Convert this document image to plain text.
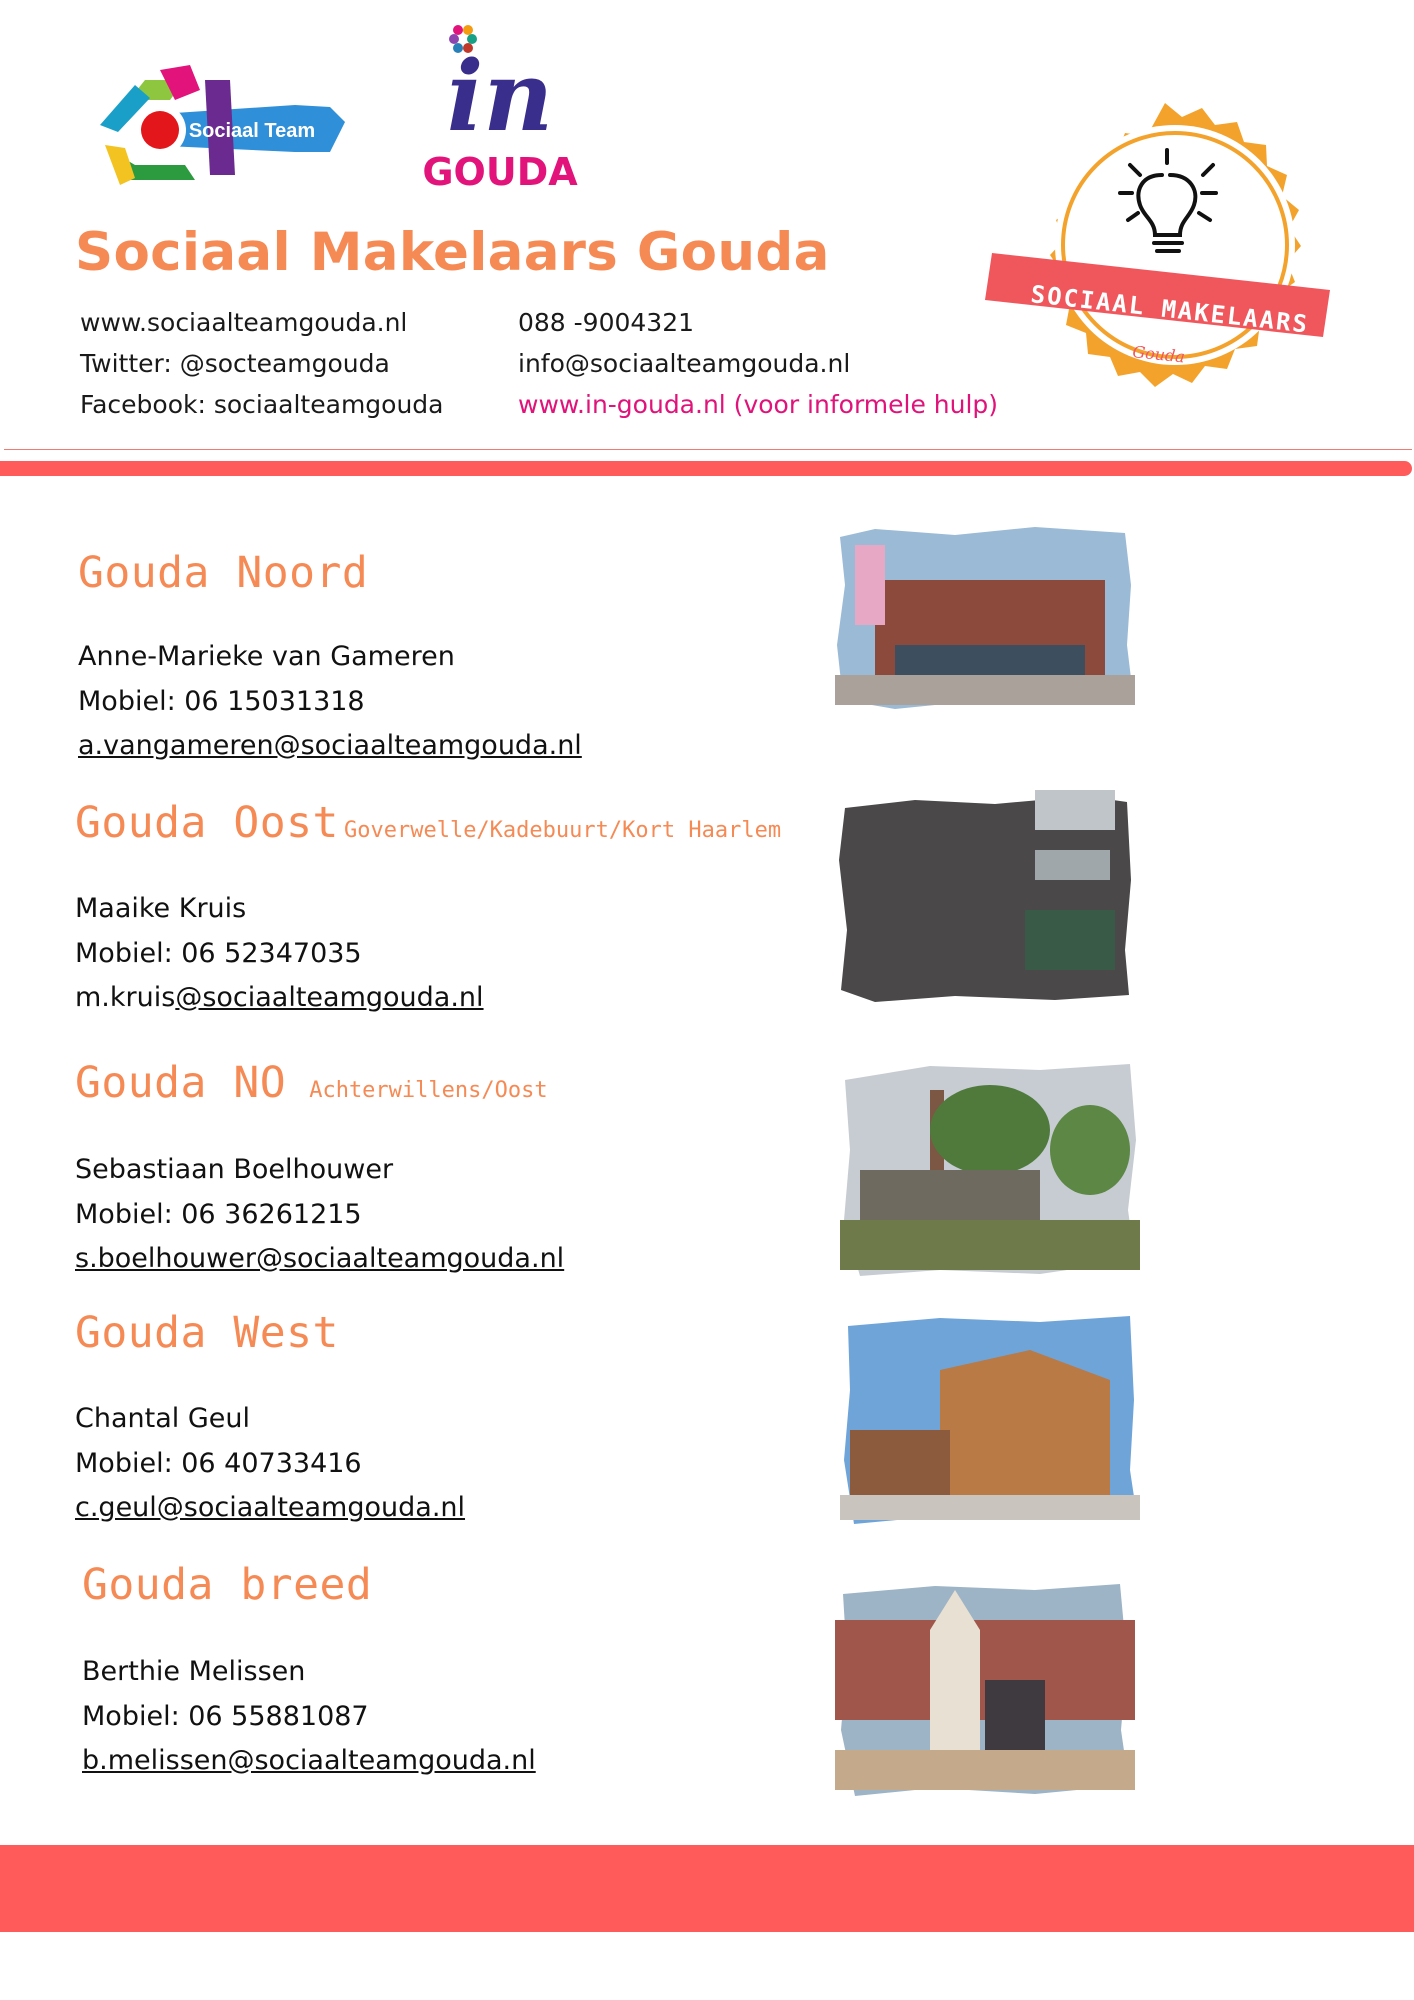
Sociaal Team in
GOUDA
SOCIAAL MAKELAARS
Gouda
Sociaal Makelaars Gouda
www.sociaalteamgouda.nl
Twitter: @socteamgouda
Facebook: sociaalteamgouda
088 -9004321
info@sociaalteamgouda.nl
www.in-gouda.nl (voor informele hulp)
Gouda Noord
Anne-Marieke van Gameren
Mobiel: 06 15031318
a.vangameren@sociaalteamgouda.nl
Gouda Oost Goverwelle/Kadebuurt/Kort Haarlem
Maaike Kruis
Mobiel: 06 52347035
m.kruis@sociaalteamgouda.nl
Gouda NO Achterwillens/Oost
Sebastiaan Boelhouwer
Mobiel: 06 36261215
s.boelhouwer@sociaalteamgouda.nl
Gouda West
Chantal Geul
Mobiel: 06 40733416
c.geul@sociaalteamgouda.nl
Gouda breed
Berthie Melissen
Mobiel: 06 55881087
b.melissen@sociaalteamgouda.nl
